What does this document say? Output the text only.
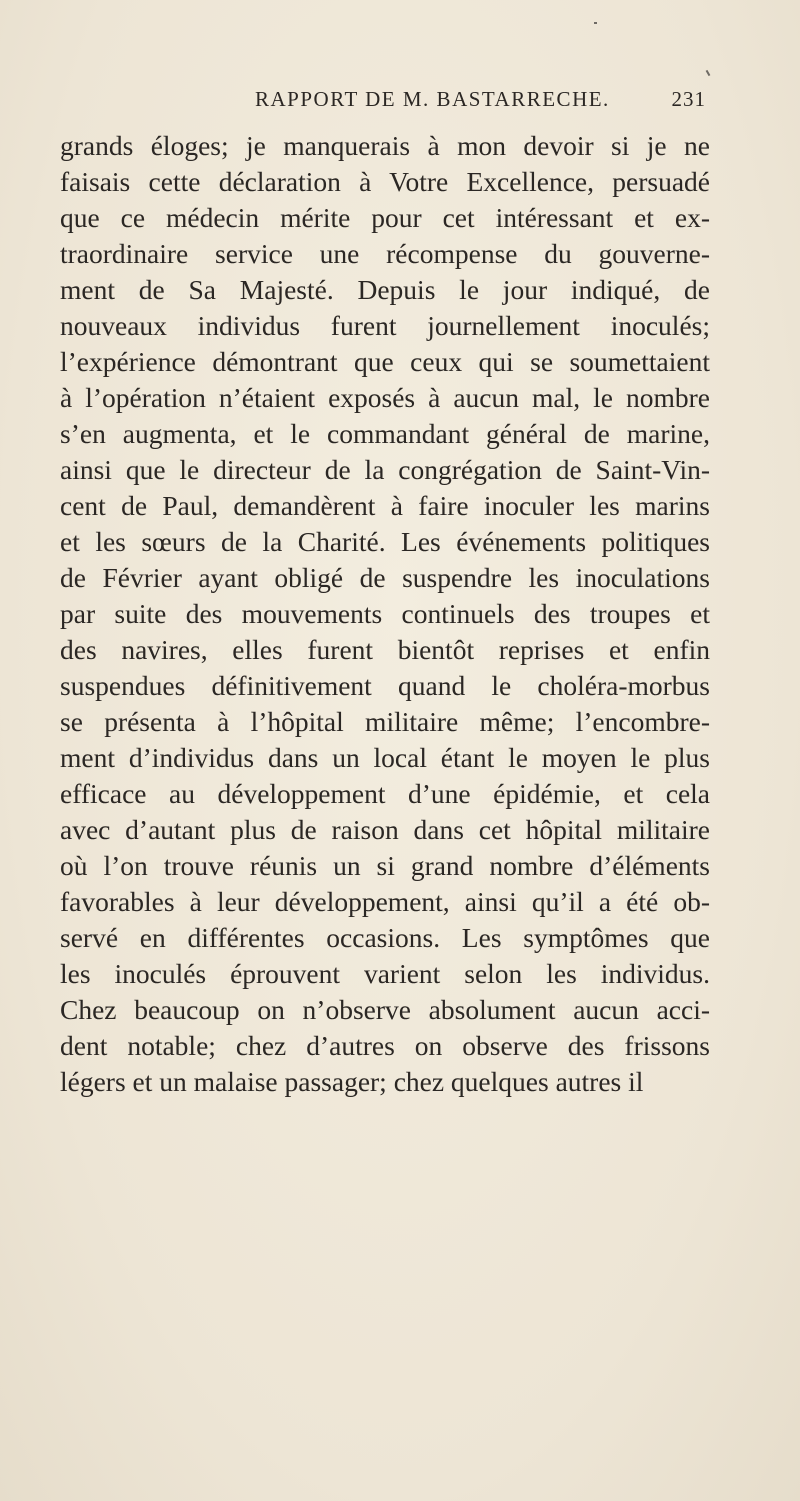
RAPPORT DE M. BASTARRECHE.	231
grands éloges; je manquerais à mon devoir si je ne
faisais cette déclaration à Votre Excellence, persuadé
que ce médecin mérite pour cet intéressant et ex-
traordinaire service une récompense du gouverne-
ment de Sa Majesté. Depuis le jour indiqué, de
nouveaux individus furent journellement inoculés;
l’expérience démontrant que ceux qui se soumettaient
à l’opération n’étaient exposés à aucun mal, le nombre
s’en augmenta, et le commandant général de marine,
ainsi que le directeur de la congrégation de Saint-Vin-
cent de Paul, demandèrent à faire inoculer les marins
et les sœurs de la Charité. Les événements politiques
de Février ayant obligé de suspendre les inoculations
par suite des mouvements continuels des troupes et
des navires, elles furent bientôt reprises et enfin
suspendues définitivement quand le choléra-morbus
se présenta à l’hôpital militaire même; l’encombre-
ment d’individus dans un local étant le moyen le plus
efficace au développement d’une épidémie, et cela
avec d’autant plus de raison dans cet hôpital militaire
où l’on trouve réunis un si grand nombre d’éléments
favorables à leur développement, ainsi qu’il a été ob-
servé en différentes occasions. Les symptômes que
les inoculés éprouvent varient selon les individus.
Chez beaucoup on n’observe absolument aucun acci-
dent notable; chez d’autres on observe des frissons
légers et un malaise passager; chez quelques autres il
